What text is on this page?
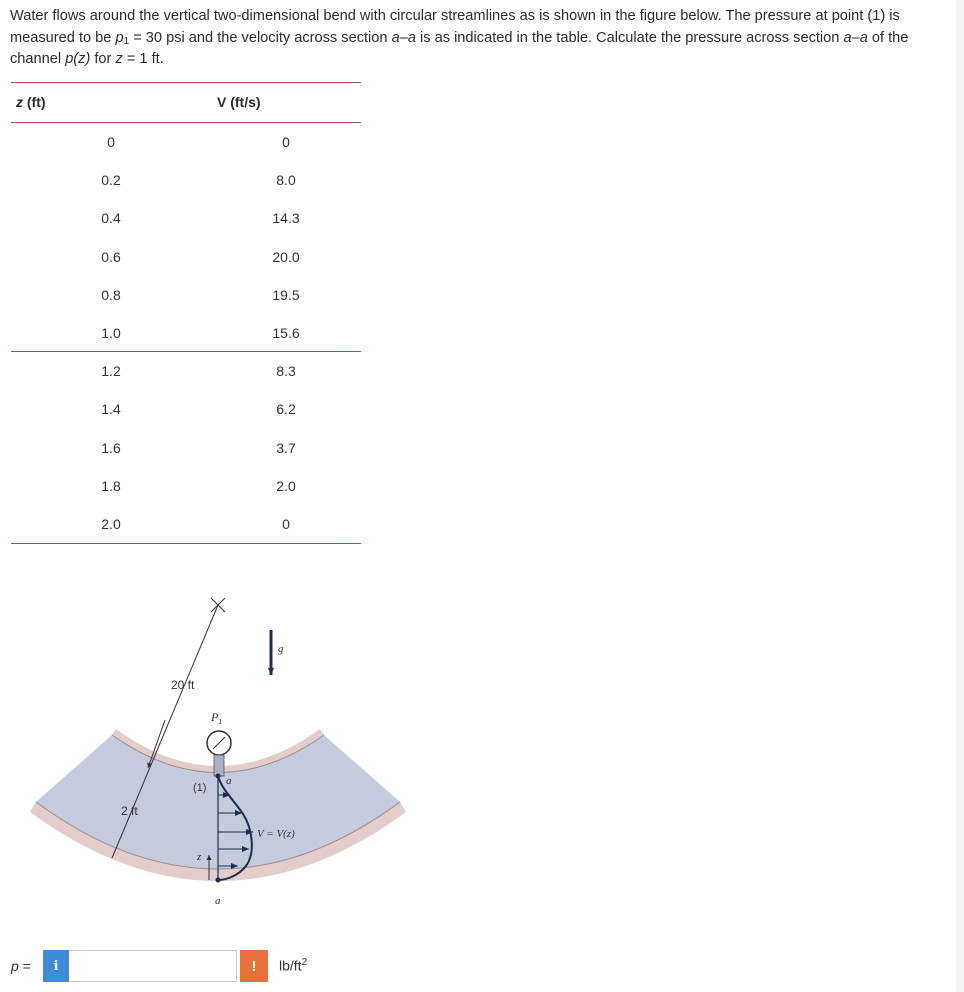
Water flows around the vertical two-dimensional bend with circular streamlines as is shown in the figure below. The pressure at point (1) is measured to be $p_1 = 30$ psi and the velocity across section a–a is as indicated in the table. Calculate the pressure across section a–a of the channel p(z) for z = 1 ft.
z (ft)	V (ft/s)
0	0
0.2	8.0
0.4	14.3
0.6	20.0
0.8	19.5
1.0	15.6
1.2	8.3
1.4	6.2
1.6	3.7
1.8	2.0
2.0	0
20 ft
2 ft
g
$P_1$
(1)
a
a
V = V(z)
z
p =	i	!	$lb/ft^2$
